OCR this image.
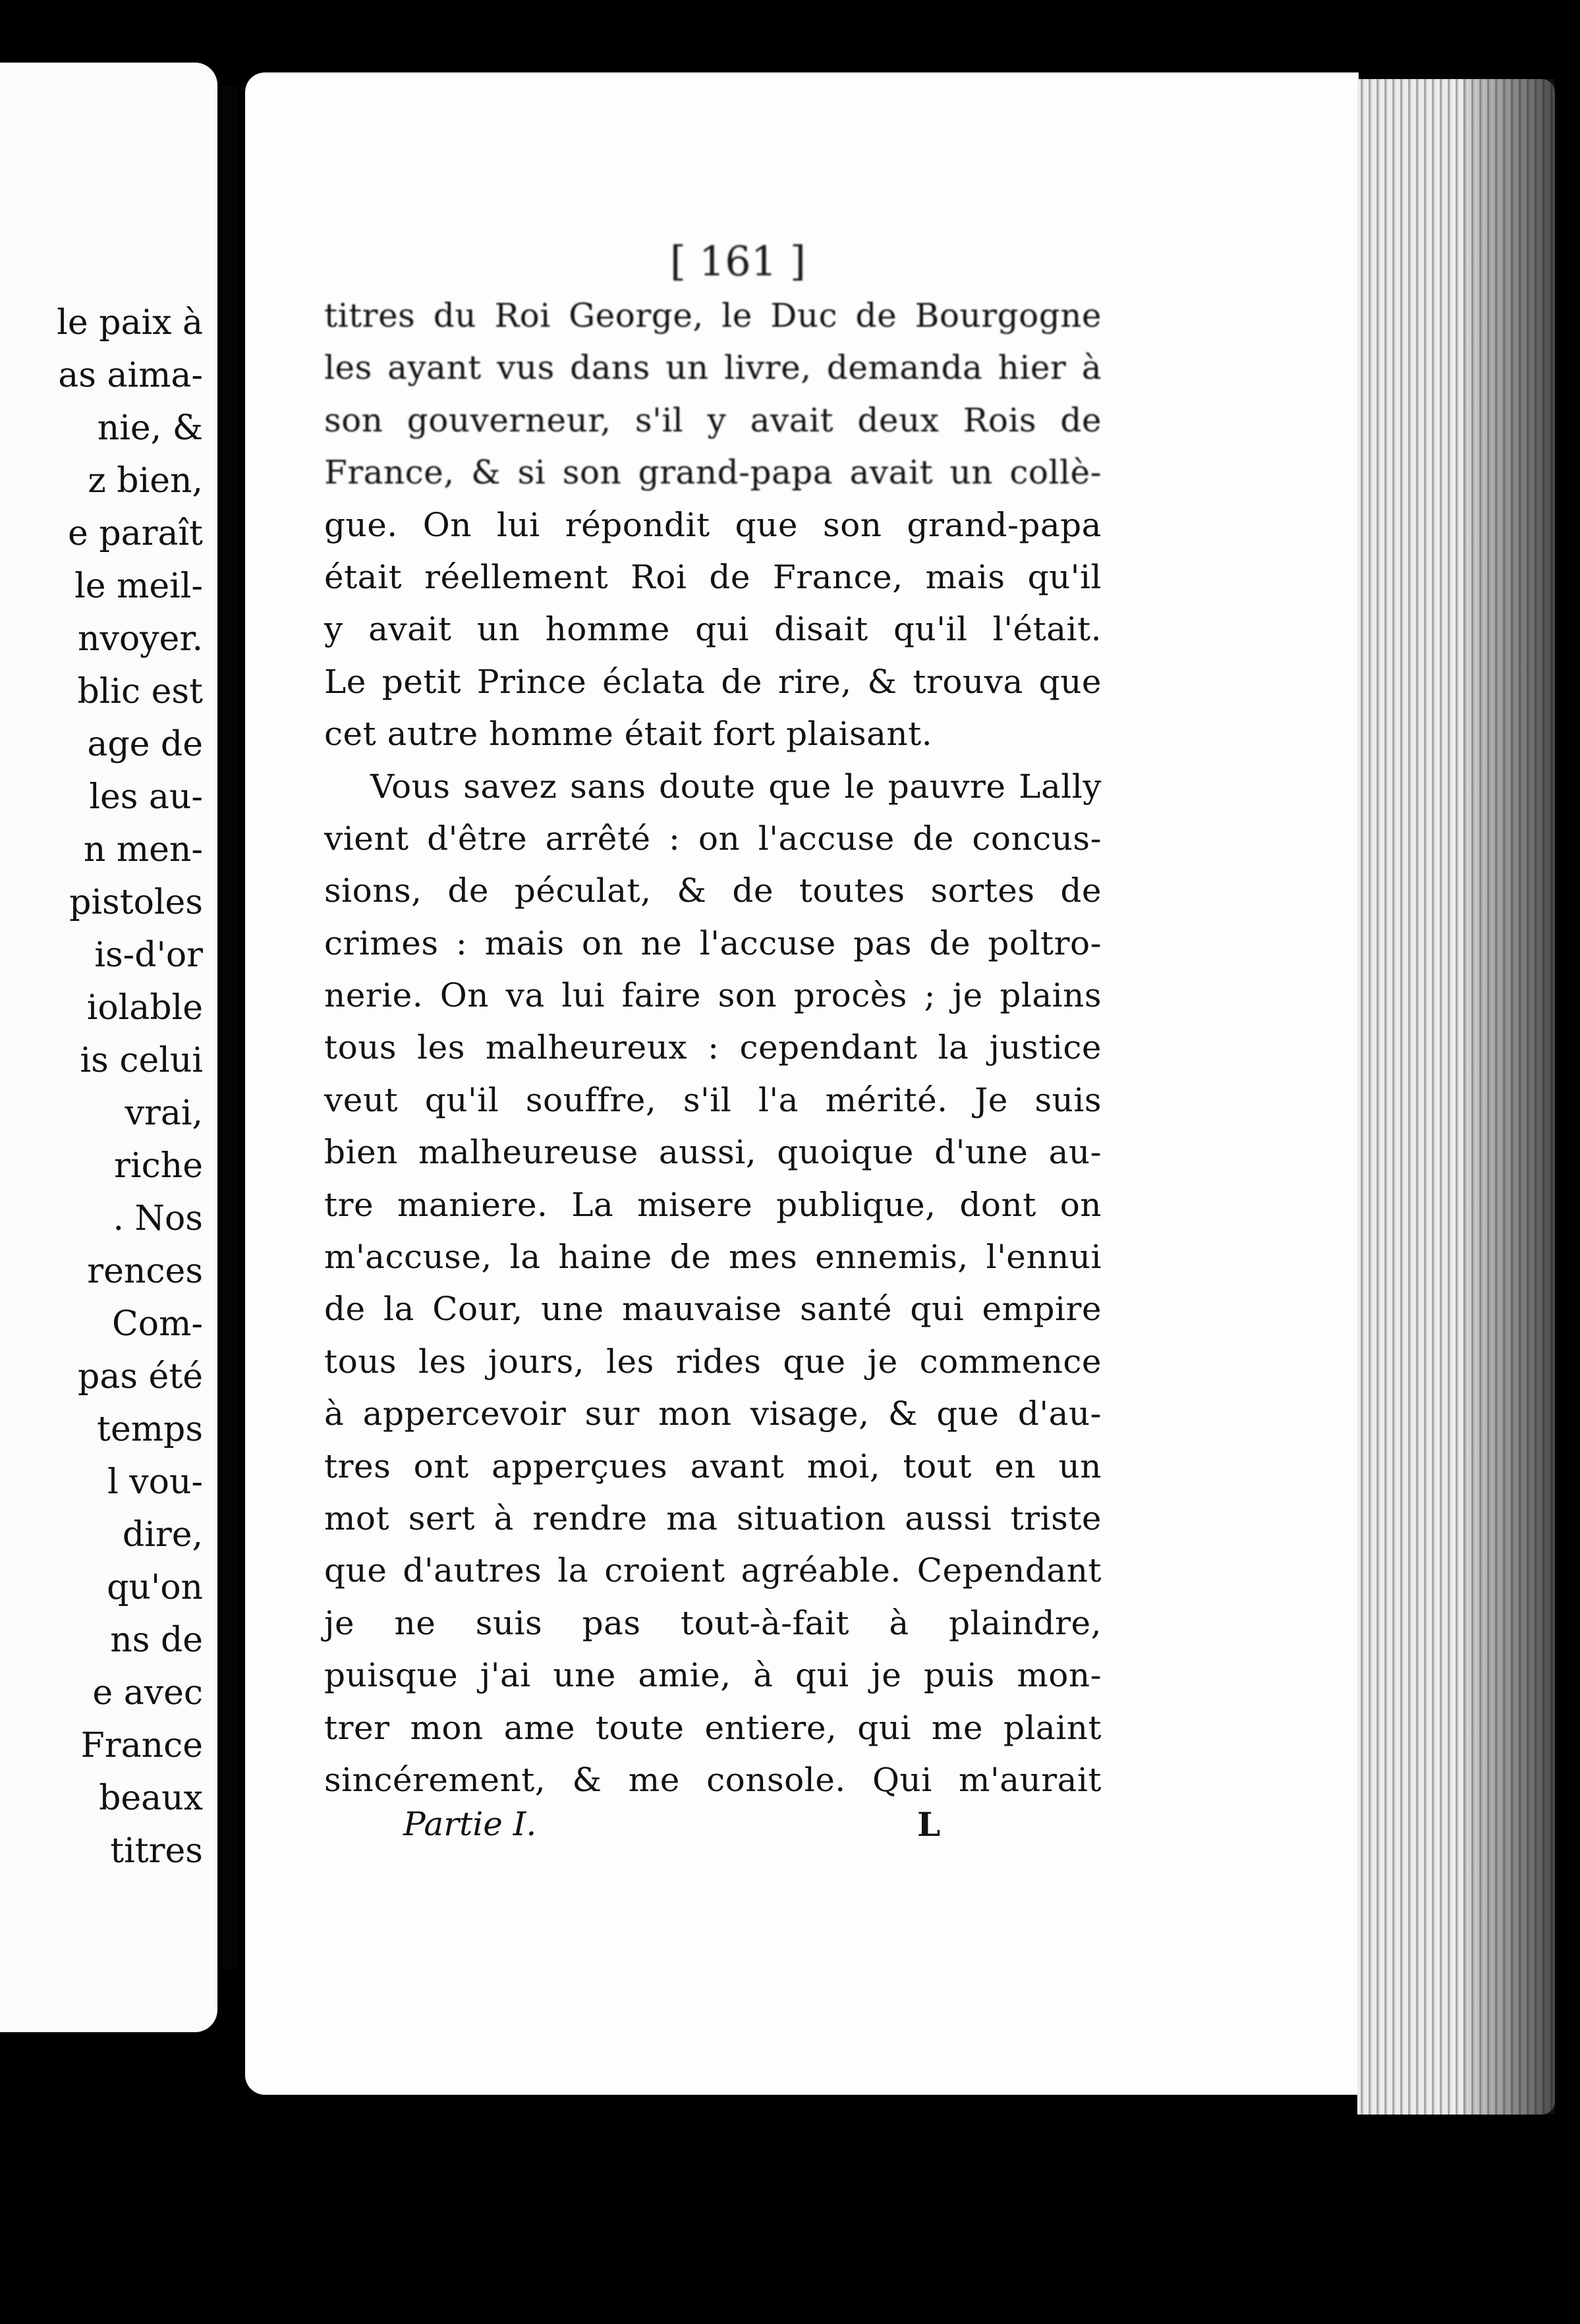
le paix à
as aima-
nie, &
z bien,
e paraît
le meil-
nvoyer.
blic est
age de
les au-
n men-
pistoles
is-d'or
iolable
is celui
vrai,
riche
. Nos
rences
Com-
pas été
temps
l vou-
dire,
qu'on
ns de
e avec
France
beaux
titres
[ 161 ]
titres du Roi George, le Duc de Bourgogne
les ayant vus dans un livre, demanda hier à
son gouverneur, s'il y avait deux Rois de
France, & si son grand-papa avait un collè-
gue. On lui répondit que son grand-papa
était réellement Roi de France, mais qu'il
y avait un homme qui disait qu'il l'était.
Le petit Prince éclata de rire, & trouva que
cet autre homme était fort plaisant.
Vous savez sans doute que le pauvre Lally
vient d'être arrêté : on l'accuse de concus-
sions, de péculat, & de toutes sortes de
crimes : mais on ne l'accuse pas de poltro-
nerie. On va lui faire son procès ; je plains
tous les malheureux : cependant la justice
veut qu'il souffre, s'il l'a mérité. Je suis
bien malheureuse aussi, quoique d'une au-
tre maniere. La misere publique, dont on
m'accuse, la haine de mes ennemis, l'ennui
de la Cour, une mauvaise santé qui empire
tous les jours, les rides que je commence
à appercevoir sur mon visage, & que d'au-
tres ont apperçues avant moi, tout en un
mot sert à rendre ma situation aussi triste
que d'autres la croient agréable. Cependant
je ne suis pas tout-à-fait à plaindre,
puisque j'ai une amie, à qui je puis mon-
trer mon ame toute entiere, qui me plaint
sincérement, & me console. Qui m'aurait
Partie I.	L
